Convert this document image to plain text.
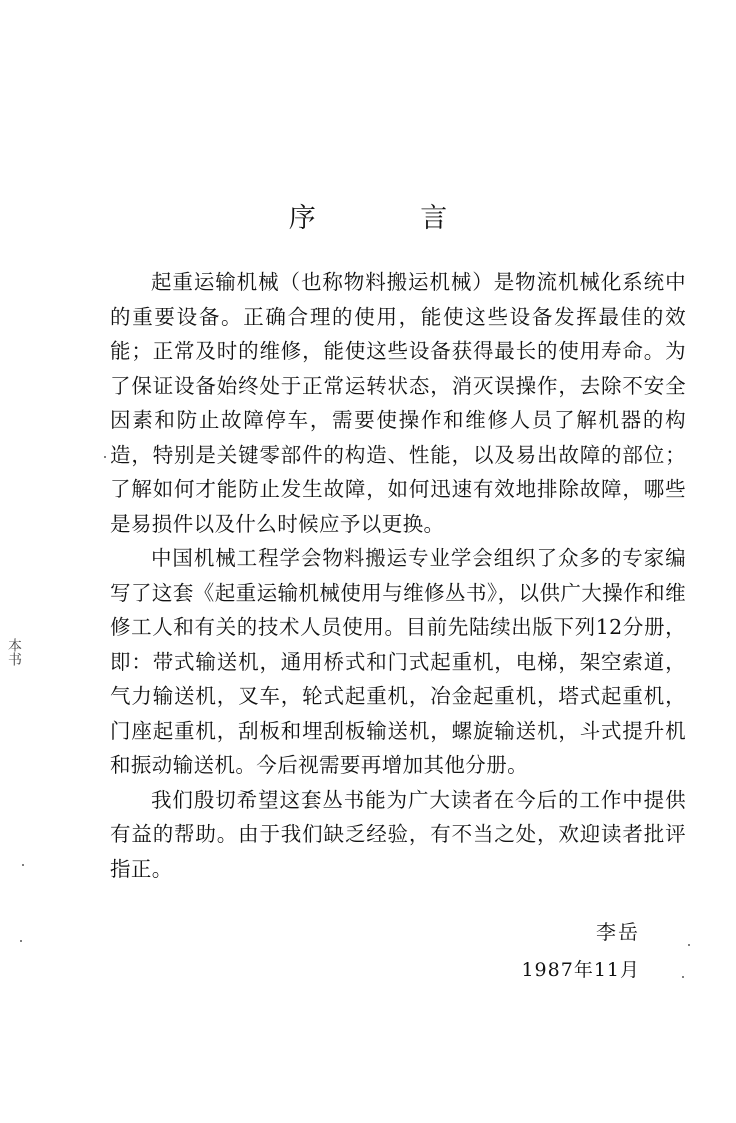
序 言

起重运输机械（也称物料搬运机械）是物流机械化系统中的重要设备。正确合理的使用，能使这些设备发挥最佳的效能；正常及时的维修，能使这些设备获得最长的使用寿命。为了保证设备始终处于正常运转状态，消灭误操作，去除不安全因素和防止故障停车，需要使操作和维修人员了解机器的构造，特别是关键零部件的构造、性能，以及易出故障的部位；了解如何才能防止发生故障，如何迅速有效地排除故障，哪些是易损件以及什么时候应予以更换。

中国机械工程学会物料搬运专业学会组织了众多的专家编写了这套《起重运输机械使用与维修丛书》，以供广大操作和维修工人和有关的技术人员使用。目前先陆续出版下列12分册，即：带式输送机，通用桥式和门式起重机，电梯，架空索道，气力输送机，叉车，轮式起重机，冶金起重机，塔式起重机，门座起重机，刮板和埋刮板输送机，螺旋输送机，斗式提升机和振动输送机。今后视需要再增加其他分册。

我们殷切希望这套丛书能为广大读者在今后的工作中提供有益的帮助。由于我们缺乏经验，有不当之处，欢迎读者批评指正。

李岳
1987年11月
本书
